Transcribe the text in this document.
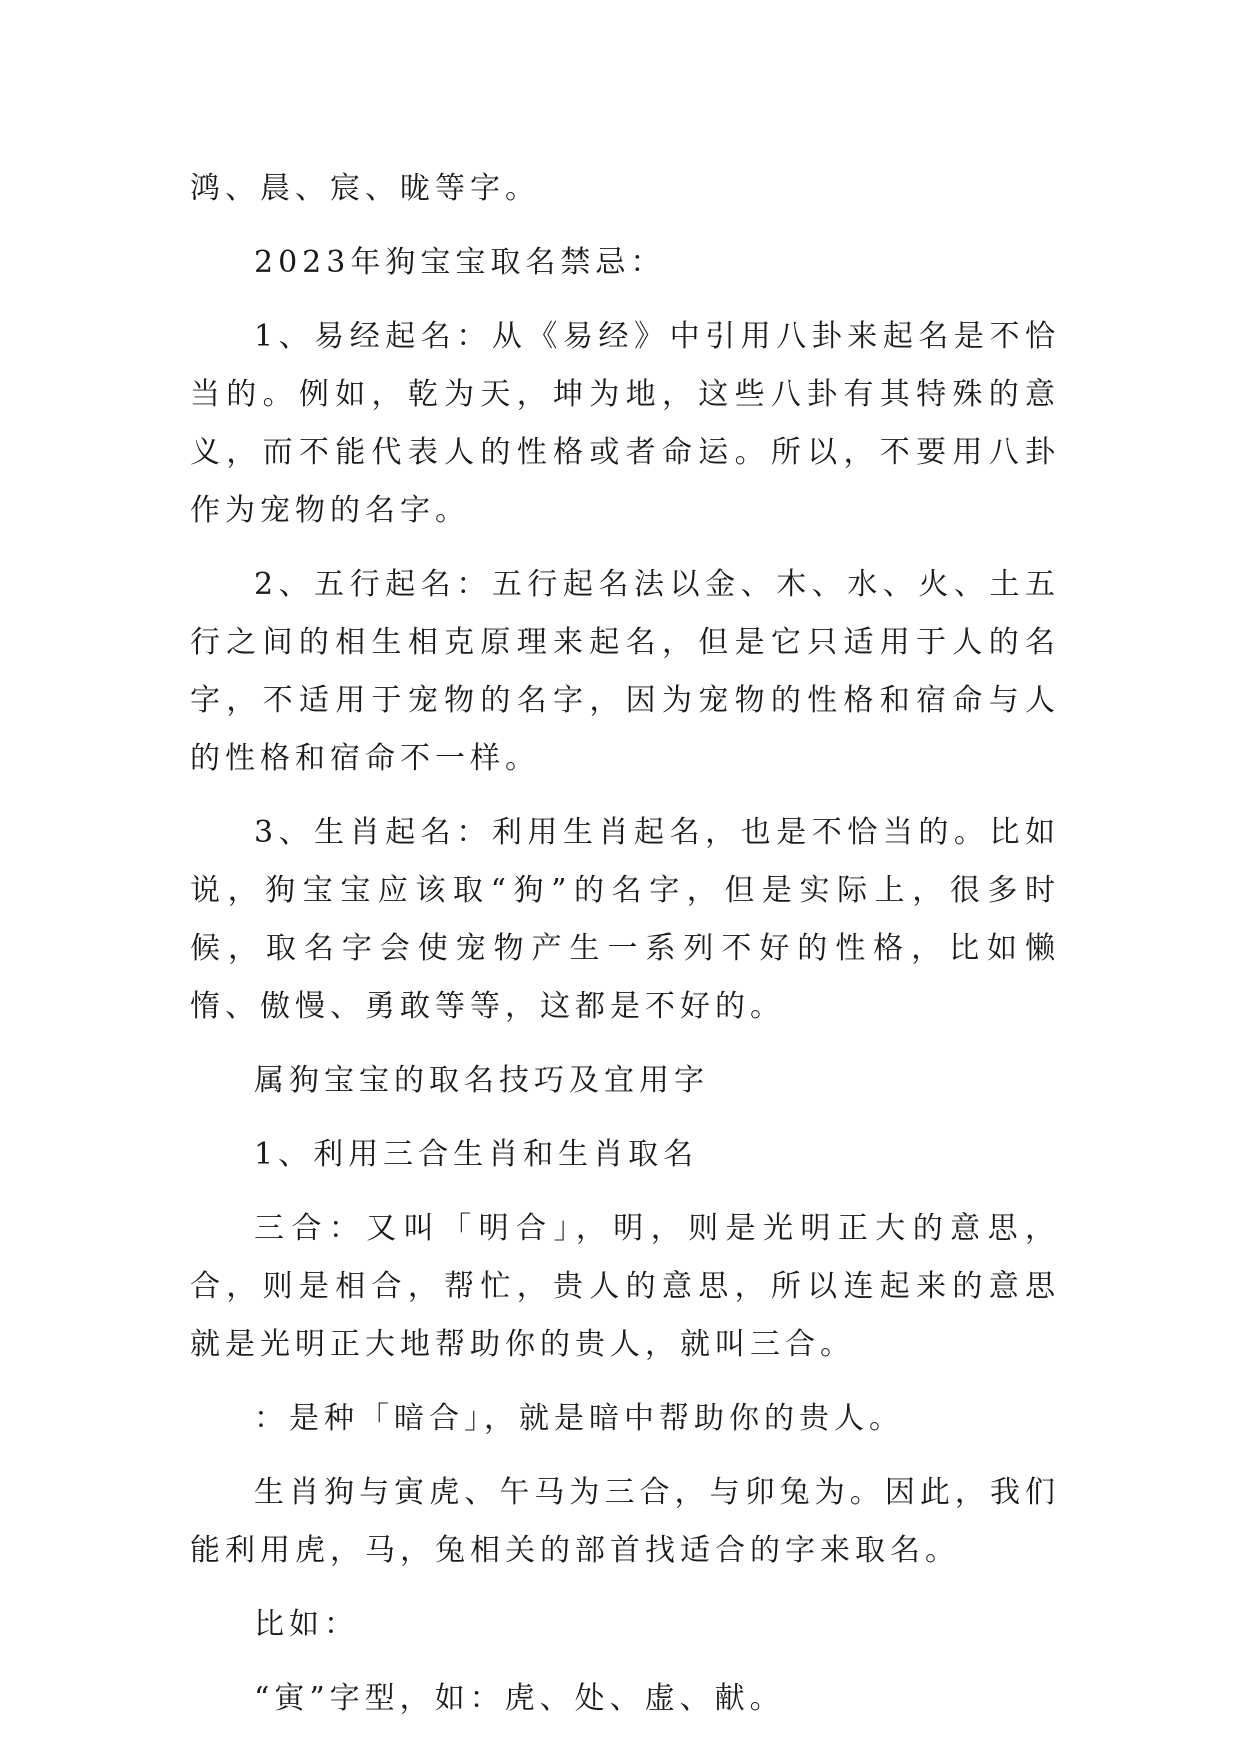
鸿、晨、宸、昽等字。

2023年狗宝宝取名禁忌：

1、易经起名：从《易经》中引用八卦来起名是不恰当的。例如，乾为天，坤为地，这些八卦有其特殊的意义，而不能代表人的性格或者命运。所以，不要用八卦作为宠物的名字。

2、五行起名：五行起名法以金、木、水、火、土五行之间的相生相克原理来起名，但是它只适用于人的名字，不适用于宠物的名字，因为宠物的性格和宿命与人的性格和宿命不一样。

3、生肖起名：利用生肖起名，也是不恰当的。比如说，狗宝宝应该取“狗”的名字，但是实际上，很多时候，取名字会使宠物产生一系列不好的性格，比如懒惰、傲慢、勇敢等等，这都是不好的。

属狗宝宝的取名技巧及宜用字

1、利用三合生肖和生肖取名

三合：又叫「明合」，明，则是光明正大的意思，合，则是相合，帮忙，贵人的意思，所以连起来的意思就是光明正大地帮助你的贵人，就叫三合。

：是种「暗合」，就是暗中帮助你的贵人。

生肖狗与寅虎、午马为三合，与卯兔为。因此，我们能利用虎，马，兔相关的部首找适合的字来取名。

比如：

“寅”字型，如：虎、处、虚、献。
